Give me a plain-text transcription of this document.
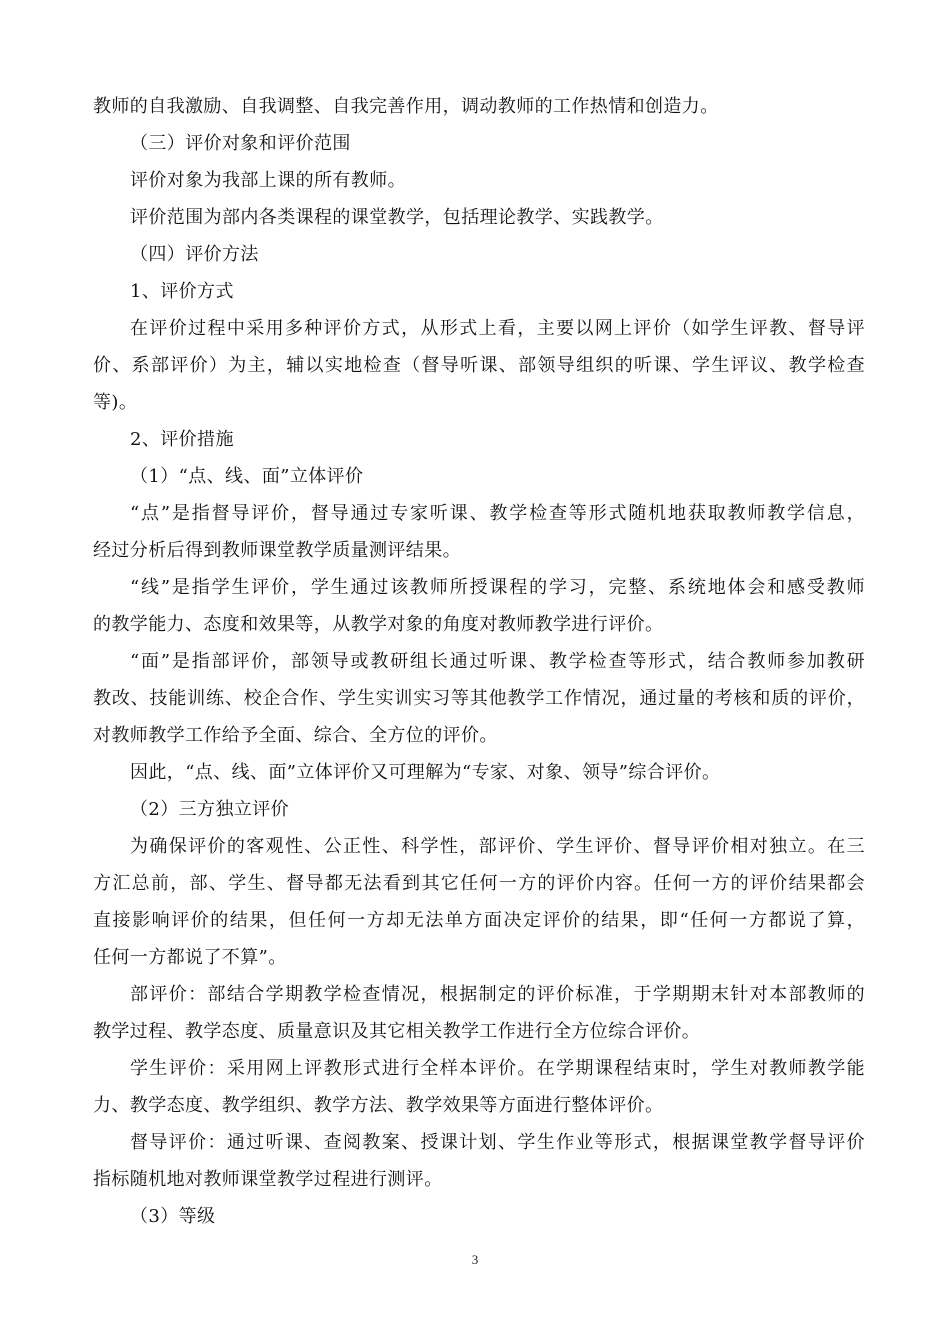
教师的自我激励、自我调整、自我完善作用，调动教师的工作热情和创造力。
（三）评价对象和评价范围
评价对象为我部上课的所有教师。
评价范围为部内各类课程的课堂教学，包括理论教学、实践教学。
（四）评价方法
1、评价方式
在评价过程中采用多种评价方式，从形式上看，主要以网上评价（如学生评教、督导评
价、系部评价）为主，辅以实地检查（督导听课、部领导组织的听课、学生评议、教学检查
等)。
2、评价措施
（1）“点、线、面”立体评价
“点”是指督导评价，督导通过专家听课、教学检查等形式随机地获取教师教学信息，
经过分析后得到教师课堂教学质量测评结果。
“线”是指学生评价，学生通过该教师所授课程的学习，完整、系统地体会和感受教师
的教学能力、态度和效果等，从教学对象的角度对教师教学进行评价。
“面”是指部评价，部领导或教研组长通过听课、教学检查等形式，结合教师参加教研
教改、技能训练、校企合作、学生实训实习等其他教学工作情况，通过量的考核和质的评价，
对教师教学工作给予全面、综合、全方位的评价。
因此，“点、线、面”立体评价又可理解为“专家、对象、领导”综合评价。
（2）三方独立评价
为确保评价的客观性、公正性、科学性，部评价、学生评价、督导评价相对独立。在三
方汇总前，部、学生、督导都无法看到其它任何一方的评价内容。任何一方的评价结果都会
直接影响评价的结果，但任何一方却无法单方面决定评价的结果，即“任何一方都说了算，
任何一方都说了不算”。
部评价：部结合学期教学检查情况，根据制定的评价标准，于学期期末针对本部教师的
教学过程、教学态度、质量意识及其它相关教学工作进行全方位综合评价。
学生评价：采用网上评教形式进行全样本评价。在学期课程结束时，学生对教师教学能
力、教学态度、教学组织、教学方法、教学效果等方面进行整体评价。
督导评价：通过听课、查阅教案、授课计划、学生作业等形式，根据课堂教学督导评价
指标随机地对教师课堂教学过程进行测评。
（3）等级
3
